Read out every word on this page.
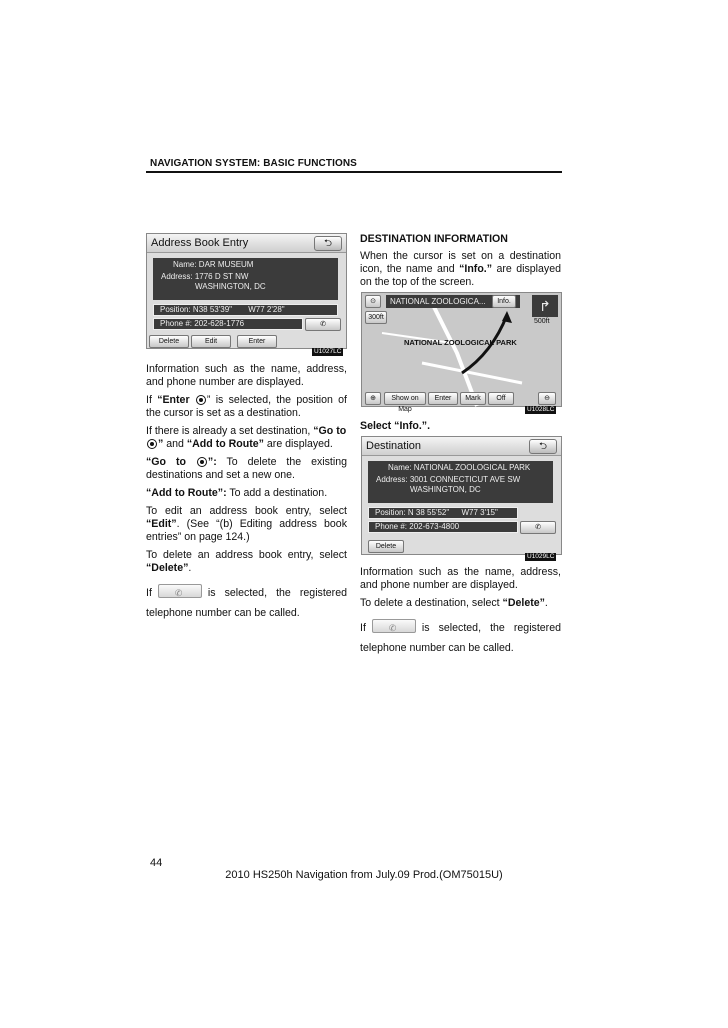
NAVIGATION SYSTEM: BASIC FUNCTIONS
Address Book Entry	⮌
Name: DAR MUSEUM
Address: 1776 D ST NW
WASHINGTON, DC
Position: N38 53'39" W77 2'28"
Phone #: 202-628-1776	✆
Delete	Edit	Enter
U1027LC

Information such as the name, address, and phone number are displayed.

If “Enter ” is selected, the position of the cursor is set as a destination.

If there is already a set destination, “Go to
” and “Add to Route” are displayed.

“Go to ”: To delete the existing destinations and set a new one.

“Add to Route”: To add a destination.

To edit an address book entry, select “Edit”. (See “(b) Editing address book entries” on page 124.)

To delete an address book entry, select “Delete”.

If ✆	is selected, the registered telephone number can be called.

DESTINATION INFORMATION

When the cursor is set on a destination icon, the name and “Info.” are displayed on the top of the screen.

⊙	NATIONAL ZOOLOGICA...	Info.	↱
500ft
300ft
NATIONAL ZOOLOGICAL PARK
⊕	Show on Map
Enter	Mark	Off	⊖
U1028LC
Select “Info.”.
Destination	⮌
Name: NATIONAL ZOOLOGICAL PARK
Address: 3001 CONNECTICUT AVE SW
WASHINGTON, DC
Position: N 38 55'52" W77 3'15"
Phone #: 202-673-4800	✆
Delete
U1029LC

Information such as the name, address, and phone number are displayed.

To delete a destination, select “Delete”.

If ✆	is selected, the registered telephone number can be called.

44
2010 HS250h Navigation from July.09 Prod.(OM75015U)
